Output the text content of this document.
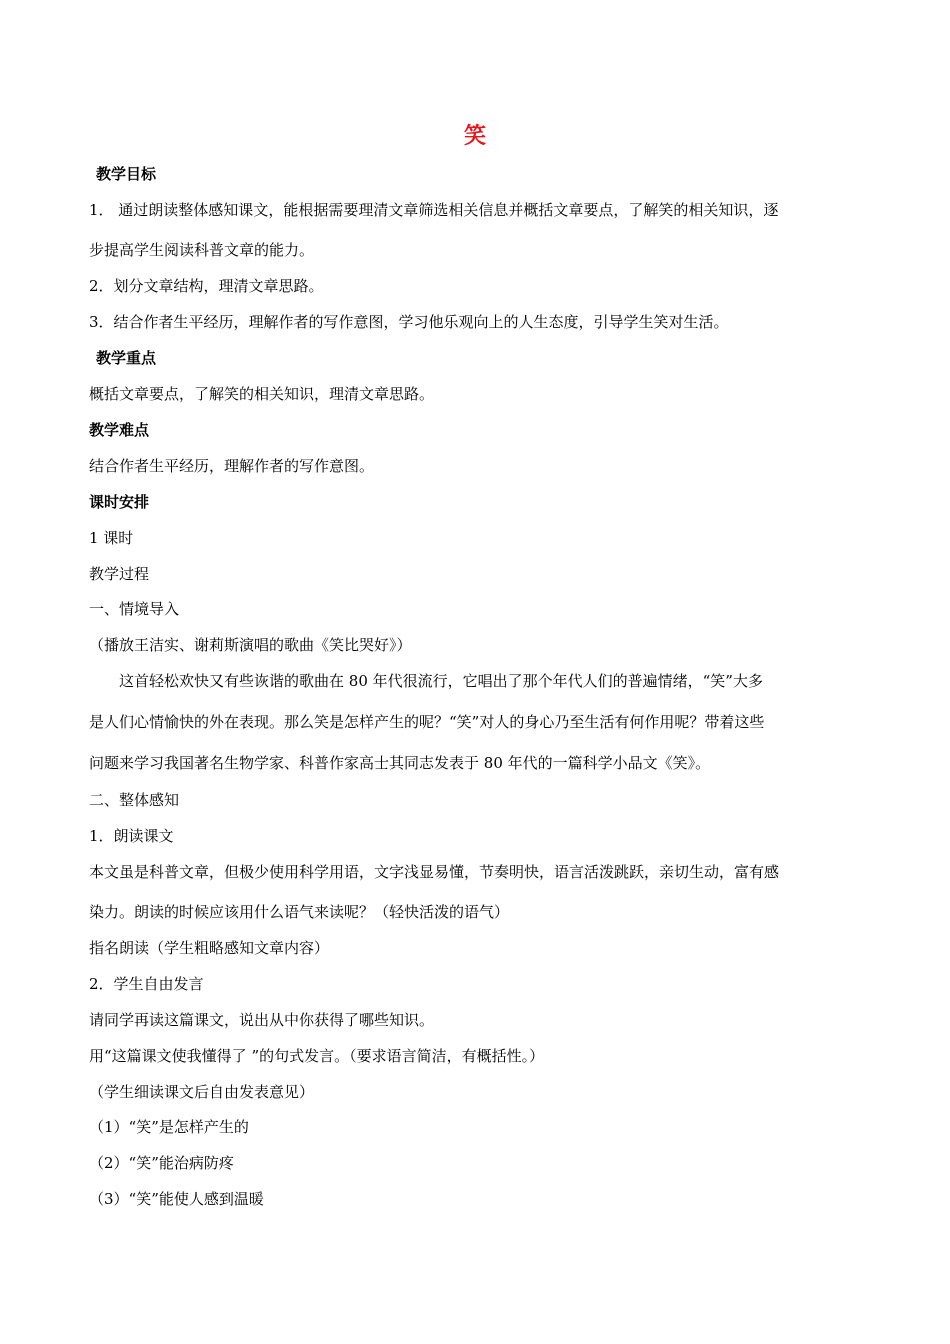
笑
教学目标
1． 通过朗读整体感知课文，能根据需要理清文章筛选相关信息并概括文章要点，了解笑的相关知识，逐
步提高学生阅读科普文章的能力。
2．划分文章结构，理清文章思路。
3．结合作者生平经历，理解作者的写作意图，学习他乐观向上的人生态度，引导学生笑对生活。
教学重点
概括文章要点，了解笑的相关知识，理清文章思路。
教学难点
结合作者生平经历，理解作者的写作意图。
课时安排
1 课时
教学过程
一、情境导入
（播放王洁实、谢莉斯演唱的歌曲《笑比哭好》）
这首轻松欢快又有些诙谐的歌曲在 80 年代很流行，它唱出了那个年代人们的普遍情绪，“笑”大多
是人们心情愉快的外在表现。那么笑是怎样产生的呢？“笑”对人的身心乃至生活有何作用呢？带着这些
问题来学习我国著名生物学家、科普作家高士其同志发表于 80 年代的一篇科学小品文《笑》。
二、整体感知
1．朗读课文
本文虽是科普文章，但极少使用科学用语，文字浅显易懂，节奏明快，语言活泼跳跃，亲切生动，富有感
染力。朗读的时候应该用什么语气来读呢？（轻快活泼的语气）
指名朗读（学生粗略感知文章内容）
2．学生自由发言
请同学再读这篇课文，说出从中你获得了哪些知识。
用“这篇课文使我懂得了 ”的句式发言。（要求语言简洁，有概括性。）
（学生细读课文后自由发表意见）
（1）“笑”是怎样产生的
（2）“笑”能治病防疼
（3）“笑”能使人感到温暖
